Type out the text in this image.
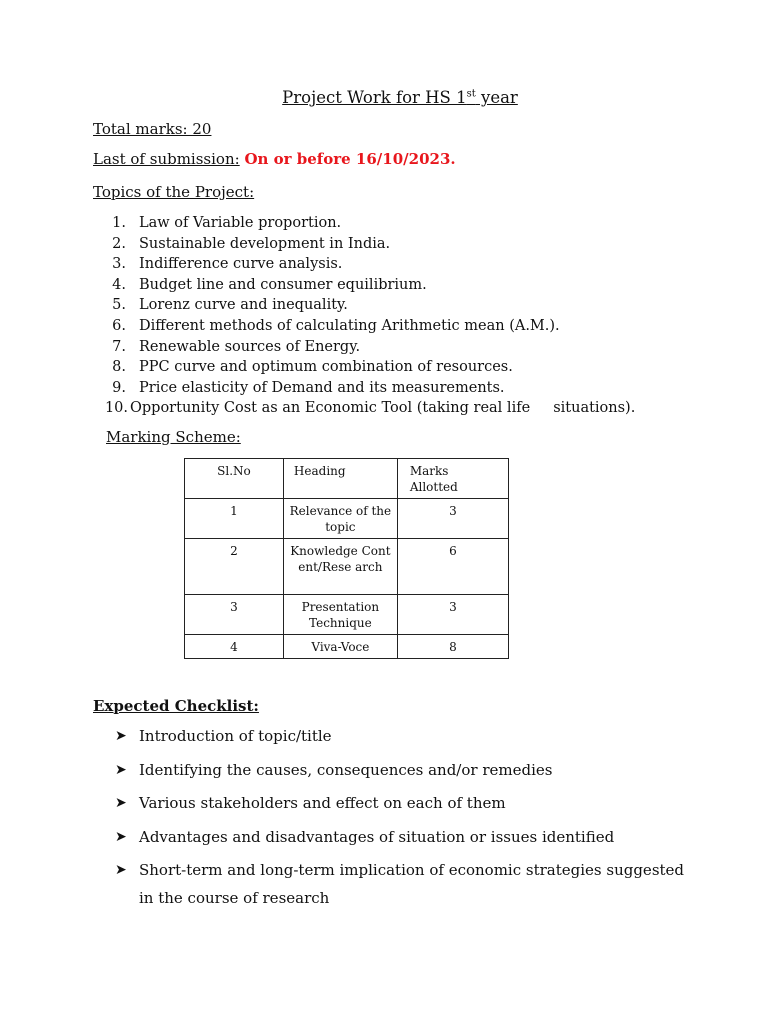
Project Work for HS 1st year
Total marks: 20
Last of submission: On or before 16/10/2023.
Topics of the Project:
1. Law of Variable proportion.
2. Sustainable development in India.
3. Indifference curve analysis.
4. Budget line and consumer equilibrium.
5. Lorenz curve and inequality.
6. Different methods of calculating Arithmetic mean (A.M.).
7. Renewable sources of Energy.
8. PPC curve and optimum combination of resources.
9. Price elasticity of Demand and its measurements.
10. Opportunity Cost as an Economic Tool (taking real life     situations).
Marking Scheme:
Sl.No	Heading	Marks Allotted
1	Relevance of the topic	3
2	Knowledge Content/Rese arch	6
3	Presentation Technique	3
4	Viva-Voce	8
Expected Checklist:
➤ Introduction of topic/title
➤ Identifying the causes, consequences and/or remedies
➤ Various stakeholders and effect on each of them
➤ Advantages and disadvantages of situation or issues identified
➤ Short-term and long-term implication of economic strategies suggested
in the course of research
